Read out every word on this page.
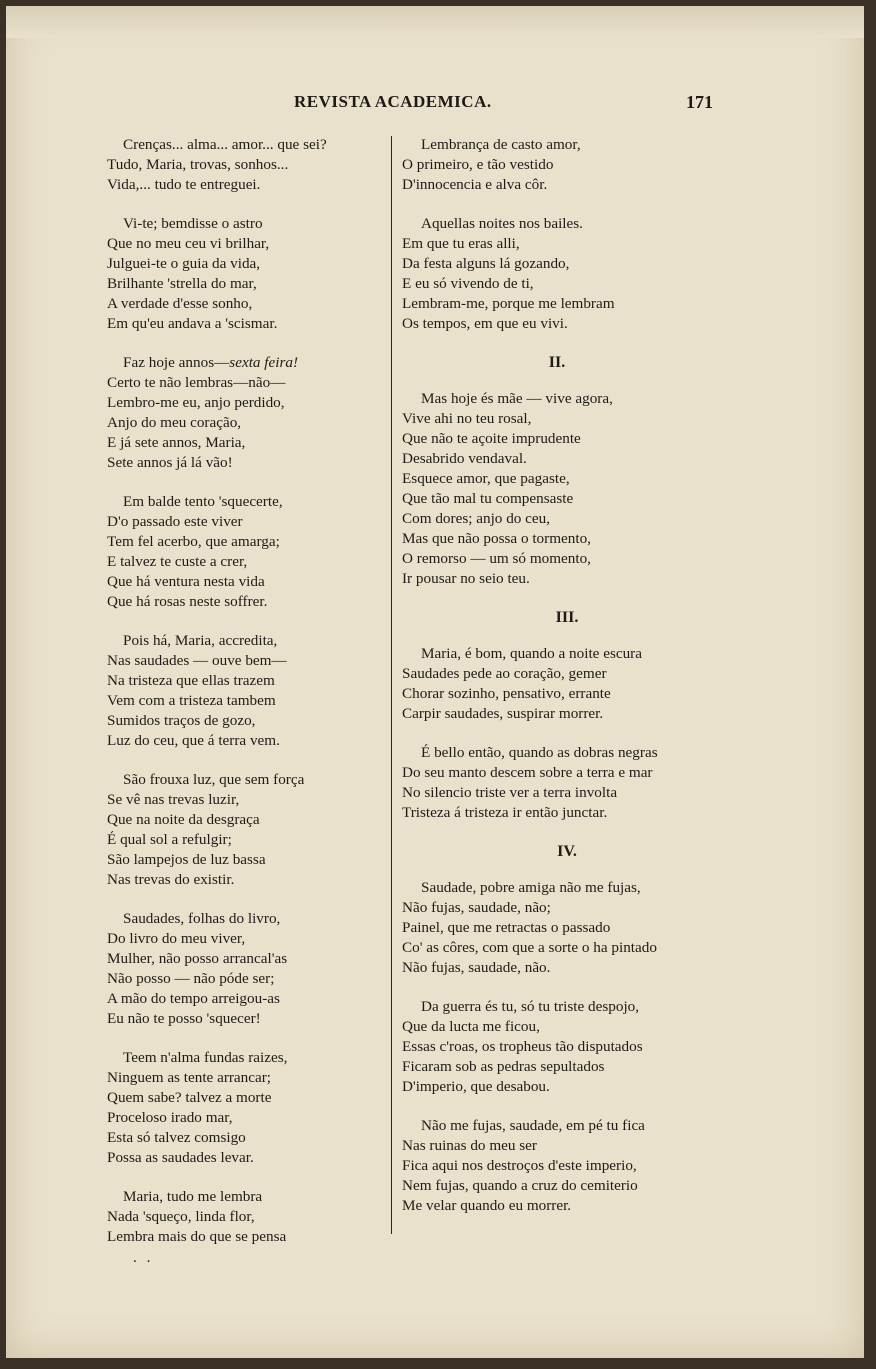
REVISTA ACADEMICA.	171
Crenças... alma... amor... que sei?
Tudo, Maria, trovas, sonhos...
Vida,... tudo te entreguei.
Vi-te; bemdisse o astro
Que no meu ceu vi brilhar,
Julguei-te o guia da vida,
Brilhante 'strella do mar,
A verdade d'esse sonho,
Em qu'eu andava a 'scismar.
Faz hoje annos—sexta feira!
Certo te não lembras—não—
Lembro-me eu, anjo perdido,
Anjo do meu coração,
E já sete annos, Maria,
Sete annos já lá vão!
Em balde tento 'squecerte,
D'o passado este viver
Tem fel acerbo, que amarga;
E talvez te custe a crer,
Que há ventura nesta vida
Que há rosas neste soffrer.
Pois há, Maria, accredita,
Nas saudades — ouve bem—
Na tristeza que ellas trazem
Vem com a tristeza tambem
Sumidos traços de gozo,
Luz do ceu, que á terra vem.
São frouxa luz, que sem força
Se vê nas trevas luzir,
Que na noite da desgraça
É qual sol a refulgir;
São lampejos de luz bassa
Nas trevas do existir.
Saudades, folhas do livro,
Do livro do meu viver,
Mulher, não posso arrancal'as
Não posso — não póde ser;
A mão do tempo arreigou-as
Eu não te posso 'squecer!
Teem n'alma fundas raizes,
Ninguem as tente arrancar;
Quem sabe? talvez a morte
Proceloso irado mar,
Esta só talvez comsigo
Possa as saudades levar.
Maria, tudo me lembra
Nada 'squeço, linda flor,
Lembra mais do que se pensa
. .
Lembrança de casto amor,
O primeiro, e tão vestido
D'innocencia e alva côr.
Aquellas noites nos bailes.
Em que tu eras alli,
Da festa alguns lá gozando,
E eu só vivendo de ti,
Lembram-me, porque me lembram
Os tempos, em que eu vivi.
II.
Mas hoje és mãe — vive agora,
Vive ahi no teu rosal,
Que não te açoite imprudente
Desabrido vendaval.
Esquece amor, que pagaste,
Que tão mal tu compensaste
Com dores; anjo do ceu,
Mas que não possa o tormento,
O remorso — um só momento,
Ir pousar no seio teu.
III.
Maria, é bom, quando a noite escura
Saudades pede ao coração, gemer
Chorar sozinho, pensativo, errante
Carpir saudades, suspirar morrer.
É bello então, quando as dobras negras
Do seu manto descem sobre a terra e mar
No silencio triste ver a terra involta
Tristeza á tristeza ir então junctar.
IV.
Saudade, pobre amiga não me fujas,
Não fujas, saudade, não;
Painel, que me retractas o passado
Co' as côres, com que a sorte o ha pintado
Não fujas, saudade, não.
Da guerra és tu, só tu triste despojo,
Que da lucta me ficou,
Essas c'roas, os tropheus tão disputados
Ficaram sob as pedras sepultados
D'imperio, que desabou.
Não me fujas, saudade, em pé tu fica
Nas ruinas do meu ser
Fica aqui nos destroços d'este imperio,
Nem fujas, quando a cruz do cemiterio
Me velar quando eu morrer.
